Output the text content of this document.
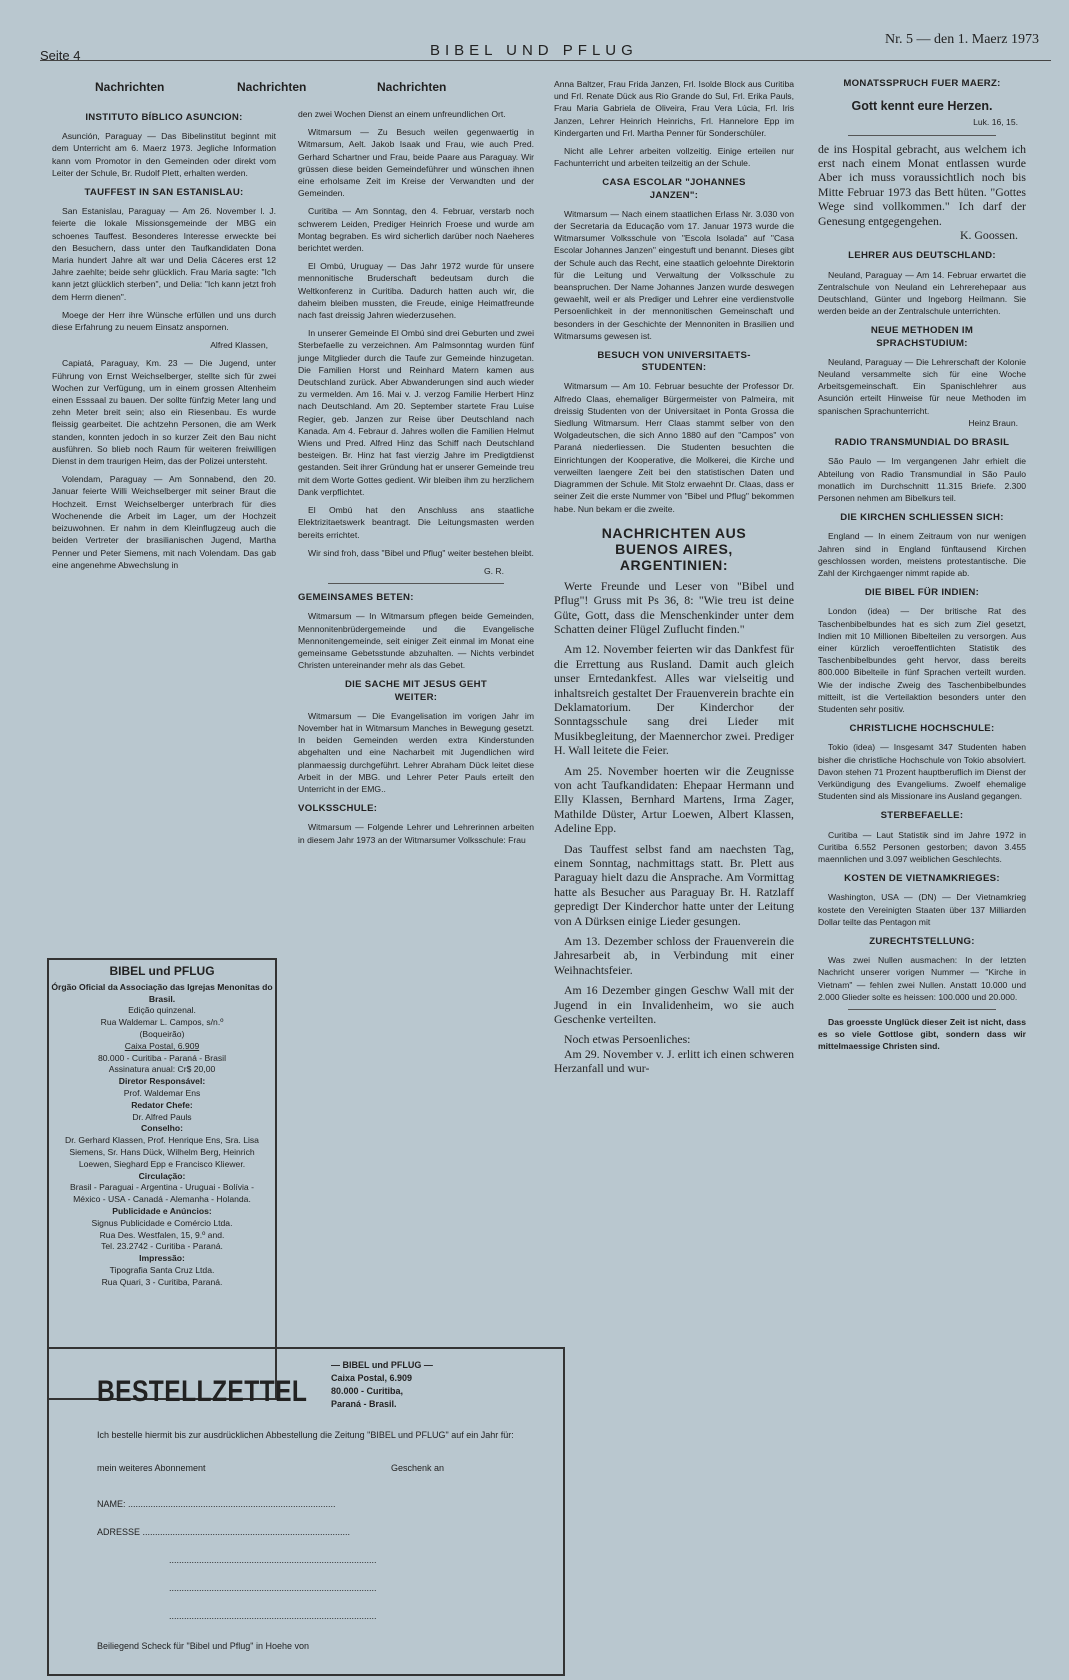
Seite 4	BIBEL UND PFLUG
Nr. 5 — den 1. Maerz 1973
Nachrichten	Nachrichten	Nachrichten
INSTITUTO BÍBLICO ASUNCION:

Asunción, Paraguay — Das Bibelinstitut beginnt mit dem Unterricht am 6. Maerz 1973. Jegliche Information kann vom Promotor in den Gemeinden oder direkt vom Leiter der Schule, Br. Rudolf Plett, erhalten werden.

TAUFFEST IN SAN ESTANISLAU:

San Estanislau, Paraguay — Am 26. November l. J. feierte die lokale Missionsgemeinde der MBG ein schoenes Tauffest. Besonderes Interesse erweckte bei den Besuchern, dass unter den Taufkandidaten Dona Maria hundert Jahre alt war und Delia Cáceres erst 12 Jahre zaehlte; beide sehr glücklich. Frau Maria sagte: "Ich kann jetzt glücklich sterben", und Delia: "Ich kann jetzt froh dem Herrn dienen".

Moege der Herr ihre Wünsche erfüllen und uns durch diese Erfahrung zu neuem Einsatz anspornen.

Alfred Klassen,

Capiatá, Paraguay, Km. 23 — Die Jugend, unter Führung von Ernst Weichselberger, stellte sich für zwei Wochen zur Verfügung, um in einem grossen Altenheim einen Esssaal zu bauen. Der sollte fünfzig Meter lang und zehn Meter breit sein; also ein Riesenbau. Es wurde fleissig gearbeitet. Die achtzehn Personen, die am Werk standen, konnten jedoch in so kurzer Zeit den Bau nicht ausführen. So blieb noch Raum für weiteren freiwilligen Dienst in dem traurigen Heim, das der Polizei untersteht.

Volendam, Paraguay — Am Sonnabend, den 20. Januar feierte Willi Weichselberger mit seiner Braut die Hochzeit. Ernst Weichselberger unterbrach für dies Wochenende die Arbeit im Lager, um der Hochzeit beizuwohnen. Er nahm in dem Kleinflugzeug auch die beiden Vertreter der brasilianischen Jugend, Martha Penner und Peter Siemens, mit nach Volendam. Das gab eine angenehme Abwechslung in

BIBEL und PFLUG
Órgão Oficial da Associação das Igrejas Menonitas do Brasil.
Edição quinzenal.
Rua Waldemar L. Campos, s/n.º
(Boqueirão)
Caixa Postal, 6.909
80.000 - Curitiba - Paraná - Brasil
Assinatura anual: Cr$ 20,00
Diretor Responsável:
Prof. Waldemar Ens
Redator Chefe:
Dr. Alfred Pauls
Conselho:
Dr. Gerhard Klassen, Prof. Henrique Ens, Sra. Lisa Siemens, Sr. Hans Dück, Wilhelm Berg, Heinrich Loewen, Sieghard Epp e Francisco Kliewer.
Circulação:
Brasil - Paraguai - Argentina - Uruguai - Bolívia - México - USA - Canadá - Alemanha - Holanda.
Publicidade e Anúncios:
Signus Publicidade e Comércio Ltda.
Rua Des. Westfalen, 15, 9.º and.
Tel. 23.2742 - Curitiba - Paraná.
Impressão:
Tipografia Santa Cruz Ltda.
Rua Quari, 3 - Curitiba, Paraná.

den zwei Wochen Dienst an einem unfreundlichen Ort.

Witmarsum — Zu Besuch weilen gegenwaertig in Witmarsum, Aelt. Jakob Isaak und Frau, wie auch Pred. Gerhard Schartner und Frau, beide Paare aus Paraguay. Wir grüssen diese beiden Gemeindeführer und wünschen ihnen eine erholsame Zeit im Kreise der Verwandten und der Gemeinden.

Curitiba — Am Sonntag, den 4. Februar, verstarb noch schwerem Leiden, Prediger Heinrich Froese und wurde am Montag begraben. Es wird sicherlich darüber noch Naeheres berichtet werden.

El Ombú, Uruguay — Das Jahr 1972 wurde für unsere mennonitische Bruderschaft bedeutsam durch die Weltkonferenz in Curitiba. Dadurch hatten auch wir, die daheim bleiben mussten, die Freude, einige Heimatfreunde nach fast dreissig Jahren wiederzusehen.

In unserer Gemeinde El Ombú sind drei Geburten und zwei Sterbefaelle zu verzeichnen. Am Palmsonntag wurden fünf junge Mitglieder durch die Taufe zur Gemeinde hinzugetan. Die Familien Horst und Reinhard Matern kamen aus Deutschland zurück. Aber Abwanderungen sind auch wieder zu vermelden. Am 16. Mai v. J. verzog Familie Herbert Hinz nach Deutschland. Am 20. September startete Frau Luise Regier, geb. Janzen zur Reise über Deutschland nach Kanada. Am 4. Febraur d. Jahres wollen die Familien Helmut Wiens und Pred. Alfred Hinz das Schiff nach Deutschland besteigen. Br. Hinz hat fast vierzig Jahre im Predigtdienst gestanden. Seit ihrer Gründung hat er unserer Gemeinde treu mit dem Worte Gottes gedient. Wir bleiben ihm zu herzlichem Dank verpflichtet.

El Ombú hat den Anschluss ans staatliche Elektrizitaetswerk beantragt. Die Leitungsmasten werden bereits errichtet.

Wir sind froh, dass "Bibel und Pflug" weiter bestehen bleibt.

G. R.
GEMEINSAMES BETEN:

Witmarsum — In Witmarsum pflegen beide Gemeinden, Mennonitenbrüdergemeinde und die Evangelische Mennonitengemeinde, seit einiger Zeit einmal im Monat eine gemeinsame Gebetsstunde abzuhalten. — Nichts verbindet Christen untereinander mehr als das Gebet.

DIE SACHE MIT JESUS GEHT WEITER:

Witmarsum — Die Evangelisation im vorigen Jahr im November hat in Witmarsum Manches in Bewegung gesetzt. In beiden Gemeinden werden extra Kinderstunden abgehalten und eine Nacharbeit mit Jugendlichen wird planmaessig durchgeführt. Lehrer Abraham Dück leitet diese Arbeit in der MBG. und Lehrer Peter Pauls erteilt den Unterricht in der EMG..

VOLKSSCHULE:

Witmarsum — Folgende Lehrer und Lehrerinnen arbeiten in diesem Jahr 1973 an der Witmarsumer Volksschule: Frau

Anna Baltzer, Frau Frida Janzen, Frl. Isolde Block aus Curitiba und Frl. Renate Dück aus Rio Grande do Sul, Frl. Erika Pauls, Frau Maria Gabriela de Oliveira, Frau Vera Lúcia, Frl. Iris Janzen, Lehrer Heinrich Heinrichs, Frl. Hannelore Epp im Kindergarten und Frl. Martha Penner für Sonderschüler.

Nicht alle Lehrer arbeiten vollzeitig. Einige erteilen nur Fachunterricht und arbeiten teilzeitig an der Schule.

CASA ESCOLAR "JOHANNES JANZEN":

Witmarsum — Nach einem staatlichen Erlass Nr. 3.030 von der Secretaria da Educação vom 17. Januar 1973 wurde die Witmarsumer Volksschule von "Escola Isolada" auf "Casa Escolar Johannes Janzen" eingestuft und benannt. Dieses gibt der Schule auch das Recht, eine staatlich geloehnte Direktorin für die Leitung und Verwaltung der Volksschule zu beanspruchen. Der Name Johannes Janzen wurde deswegen gewaehlt, weil er als Prediger und Lehrer eine verdienstvolle Persoenlichkeit in der mennonitischen Gemeinschaft und besonders in der Geschichte der Mennoniten in Brasilien und Witmarsums gewesen ist.

BESUCH VON UNIVERSITAETS-STUDENTEN:

Witmarsum — Am 10. Februar besuchte der Professor Dr. Alfredo Claas, ehemaliger Bürgermeister von Palmeira, mit dreissig Studenten von der Universitaet in Ponta Grossa die Siedlung Witmarsum. Herr Claas stammt selber von den Wolgadeutschen, die sich Anno 1880 auf den "Campos" von Paraná niederliessen. Die Studenten besuchten die Einrichtungen der Kooperative, die Molkerei, die Kirche und verweilten laengere Zeit bei den statistischen Daten und Diagrammen der Schule. Mit Stolz erwaehnt Dr. Claas, dass er seiner Zeit die erste Nummer von "Bibel und Pflug" bekommen habe. Nun bekam er die zweite.

NACHRICHTEN AUS BUENOS AIRES, ARGENTINIEN:

Werte Freunde und Leser von "Bibel und Pflug"! Gruss mit Ps 36, 8: "Wie treu ist deine Güte, Gott, dass die Menschenkinder unter dem Schatten deiner Flügel Zuflucht finden."

Am 12. November feierten wir das Dankfest für die Errettung aus Rusland. Damit auch gleich unser Erntedankfest. Alles war vielseitig und inhaltsreich gestaltet Der Frauenverein brachte ein Deklamatorium. Der Kinderchor der Sonntagsschule sang drei Lieder mit Musikbegleitung, der Maennerchor zwei. Prediger H. Wall leitete die Feier.

Am 25. November hoerten wir die Zeugnisse von acht Taufkandidaten: Ehepaar Hermann und Elly Klassen, Bernhard Martens, Irma Zager, Mathilde Düster, Artur Loewen, Albert Klassen, Adeline Epp.

Das Tauffest selbst fand am naechsten Tag, einem Sonntag, nachmittags statt. Br. Plett aus Paraguay hielt dazu die Ansprache. Am Vormittag hatte als Besucher aus Paraguay Br. H. Ratzlaff gepredigt Der Kinderchor hatte unter der Leitung von A Dürksen einige Lieder gesungen.

Am 13. Dezember schloss der Frauenverein die Jahresarbeit ab, in Verbindung mit einer Weihnachtsfeier.

Am 16 Dezember gingen Geschw Wall mit der Jugend in ein Invalidenheim, wo sie auch Geschenke verteilten.

Noch etwas Persoenliches:

Am 29. November v. J. erlitt ich einen schweren Herzanfall und wur-

MONATSSPRUCH FUER MAERZ:
Gott kennt eure Herzen.
Luk. 16, 15.

de ins Hospital gebracht, aus welchem ich erst nach einem Monat entlassen wurde Aber ich muss voraussichtlich noch bis Mitte Februar 1973 das Bett hüten. "Gottes Wege sind vollkommen." Ich darf der Genesung entgegengehen.

K. Goossen.
LEHRER AUS DEUTSCHLAND:

Neuland, Paraguay — Am 14. Februar erwartet die Zentralschule von Neuland ein Lehrerehepaar aus Deutschland, Günter und Ingeborg Heilmann. Sie werden beide an der Zentralschule unterrichten.

NEUE METHODEN IM SPRACHSTUDIUM:

Neuland, Paraguay — Die Lehrerschaft der Kolonie Neuland versammelte sich für eine Woche Arbeitsgemeinschaft. Ein Spanischlehrer aus Asunción erteilt Hinweise für neue Methoden im spanischen Sprachunterricht.

Heinz Braun.
RADIO TRANSMUNDIAL DO BRASIL

São Paulo — Im vergangenen Jahr erhielt die Abteilung von Radio Transmundial in São Paulo monatlich im Durchschnitt 11.315 Briefe. 2.300 Personen nehmen am Bibelkurs teil.

DIE KIRCHEN SCHLIESSEN SICH:

England — In einem Zeitraum von nur wenigen Jahren sind in England fünftausend Kirchen geschlossen worden, meistens protestantische. Die Zahl der Kirchgaenger nimmt rapide ab.

DIE BIBEL FÜR INDIEN:

London (idea) — Der britische Rat des Taschenbibelbundes hat es sich zum Ziel gesetzt, Indien mit 10 Millionen Bibelteilen zu versorgen. Aus einer kürzlich veroeffentlichten Statistik des Taschenbibelbundes geht hervor, dass bereits 800.000 Bibelteile in fünf Sprachen verteilt wurden. Wie der indische Zweig des Taschenbibelbundes mitteilt, ist die Verteilaktion besonders unter den Studenten sehr positiv.

CHRISTLICHE HOCHSCHULE:

Tokio (idea) — Insgesamt 347 Studenten haben bisher die christliche Hochschule von Tokio absolviert. Davon stehen 71 Prozent hauptberuflich im Dienst der Verkündigung des Evangeliums. Zwoelf ehemalige Studenten sind als Missionare ins Ausland gegangen.

STERBEFAELLE:

Curitiba — Laut Statistik sind im Jahre 1972 in Curitiba 6.552 Personen gestorben; davon 3.455 maennlichen und 3.097 weiblichen Geschlechts.

KOSTEN DE VIETNAMKRIEGES:

Washington, USA — (DN) — Der Vietnamkrieg kostete den Vereinigten Staaten über 137 Milliarden Dollar teilte das Pentagon mit

ZURECHTSTELLUNG:

Was zwei Nullen ausmachen: In der letzten Nachricht unserer vorigen Nummer — "Kirche in Vietnam" — fehlen zwei Nullen. Anstatt 10.000 und 2.000 Glieder solte es heissen: 100.000 und 20.000.

Das groesste Unglück dieser Zeit ist nicht, dass es so viele Gottlose gibt, sondern dass wir mittelmaessige Christen sind.

BESTELLZETTEL
— BIBEL und PFLUG —
Caixa Postal, 6.909
80.000 - Curitiba,
Paraná - Brasil.
Ich bestelle hiermit bis zur ausdrücklichen Abbestellung die Zeitung "BIBEL und PFLUG" auf ein Jahr für:
mein weiteres Abonnement	Geschenk an
NAME: ...................................................................................
ADRESSE ...................................................................................
...................................................................................
...................................................................................
...................................................................................
Beiliegend Scheck für "Bibel und Pflug" in Hoehe von
